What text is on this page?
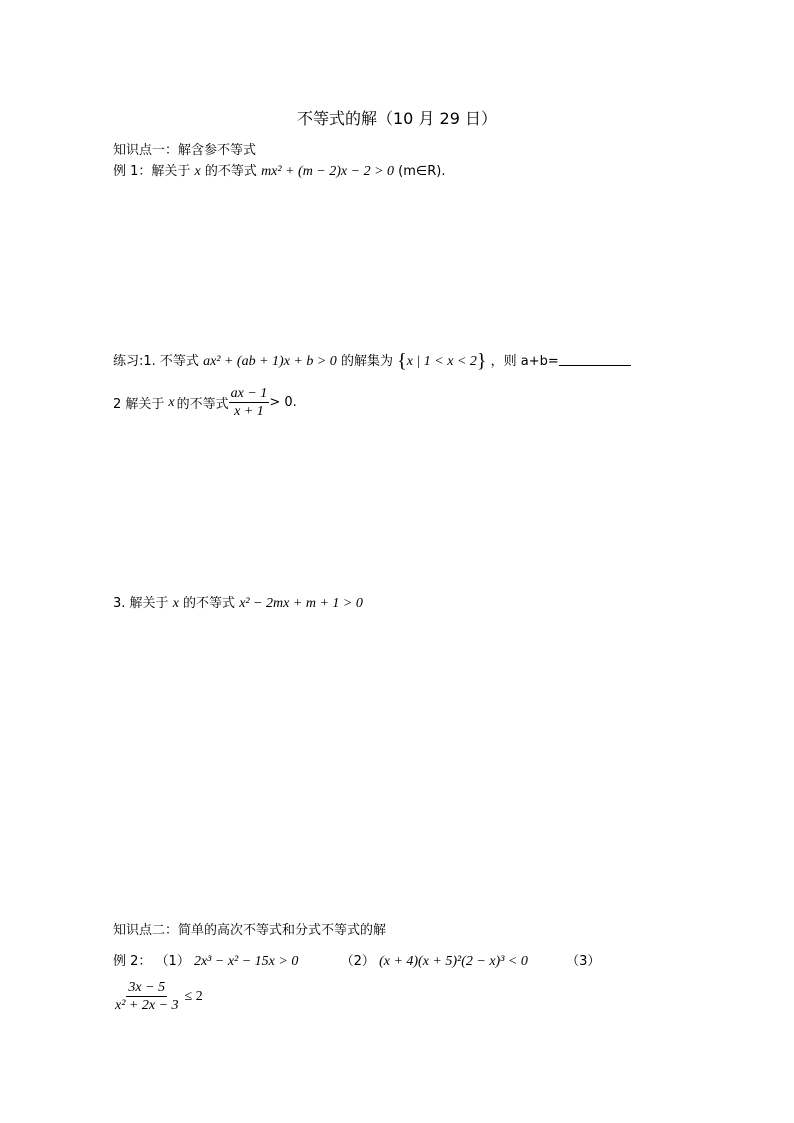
不等式的解（10 月 29 日）
知识点一：解含参不等式
例 1：解关于 x 的不等式 mx² + (m − 2)x − 2 > 0 (m∈R).
练习:1. 不等式 ax² + (ab + 1)x + b > 0 的解集为 {x | 1 < x < 2} ，则 a+b=
2 解关于 x 的不等式 $\frac{ax - 1}{x + 1} > 0$.
3. 解关于 x 的不等式 x² − 2mx + m + 1 > 0
知识点二：简单的高次不等式和分式不等式的解
例 2： （1） 2x³ − x² − 15x > 0	（2） (x + 4)(x + 5)²(2 − x)³ < 0	（3）
$\frac{3x - 5}{\text{x² + 2x − 3}} \le 2$
